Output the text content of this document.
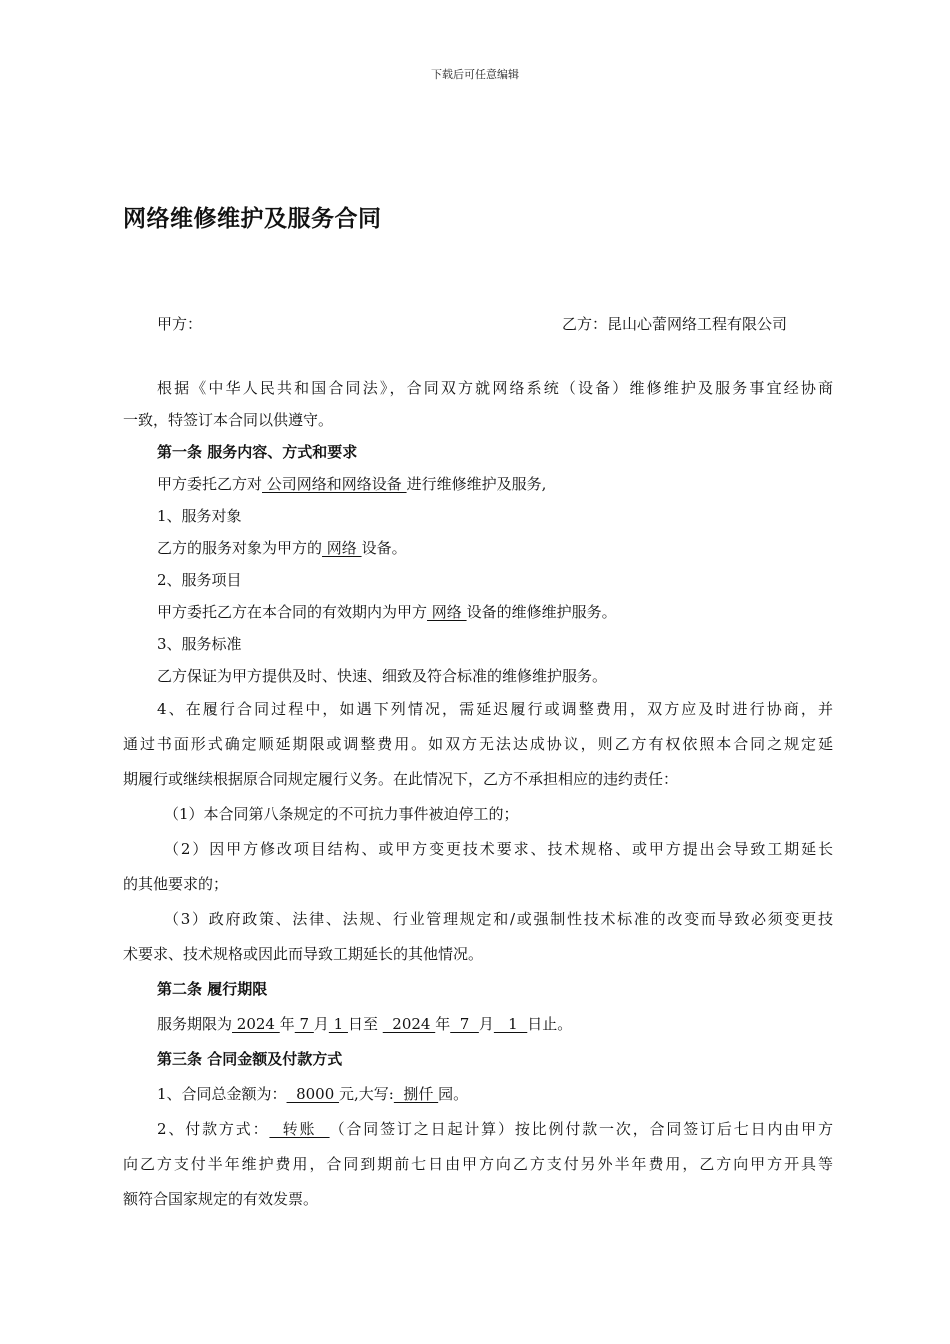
下载后可任意编辑
网络维修维护及服务合同
甲方：	乙方：昆山心蕾网络工程有限公司
根据《中华人民共和国合同法》，合同双方就网络系统（设备）维修维护及服务事宜经协商
一致，特签订本合同以供遵守。
第一条 服务内容、方式和要求
甲方委托乙方对 公司网络和网络设备 进行维修维护及服务,
1、服务对象
乙方的服务对象为甲方的 网络 设备。
2、服务项目
甲方委托乙方在本合同的有效期内为甲方 网络 设备的维修维护服务。
3、服务标准
乙方保证为甲方提供及时、快速、细致及符合标准的维修维护服务。
4、在履行合同过程中，如遇下列情况，需延迟履行或调整费用，双方应及时进行协商，并
通过书面形式确定顺延期限或调整费用。如双方无法达成协议，则乙方有权依照本合同之规定延
期履行或继续根据原合同规定履行义务。在此情况下，乙方不承担相应的违约责任：
（1）本合同第八条规定的不可抗力事件被迫停工的；
（2）因甲方修改项目结构、或甲方变更技术要求、技术规格、或甲方提出会导致工期延长
的其他要求的；
（3）政府政策、法律、法规、行业管理规定和/或强制性技术标准的改变而导致必须变更技
术要求、技术规格或因此而导致工期延长的其他情况。
第二条 履行期限
服务期限为 2024 年 7 月 1 日至   2024 年  7  月   1  日止。
第三条 合同金额及付款方式
1、合同总金额为：  8000 元,大写:  捌仟 园。
2、付款方式：  转账  （合同签订之日起计算）按比例付款一次，合同签订后七日内由甲方
向乙方支付半年维护费用，合同到期前七日由甲方向乙方支付另外半年费用，乙方向甲方开具等
额符合国家规定的有效发票。
